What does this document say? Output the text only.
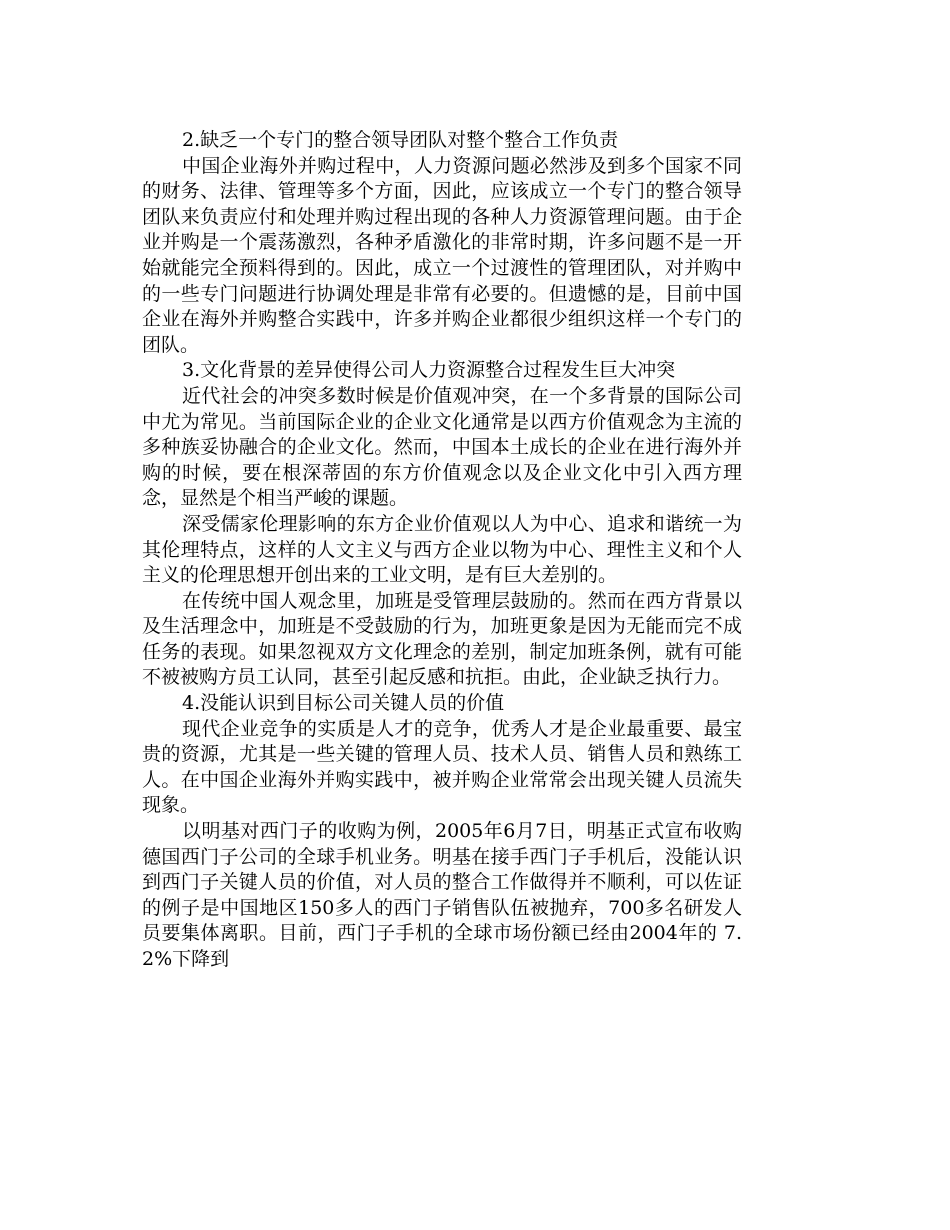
2.缺乏一个专门的整合领导团队对整个整合工作负责

中国企业海外并购过程中，人力资源问题必然涉及到多个国家不同的财务、法律、管理等多个方面，因此，应该成立一个专门的整合领导团队来负责应付和处理并购过程出现的各种人力资源管理问题。由于企业并购是一个震荡激烈，各种矛盾激化的非常时期，许多问题不是一开始就能完全预料得到的。因此，成立一个过渡性的管理团队，对并购中的一些专门问题进行协调处理是非常有必要的。但遗憾的是，目前中国企业在海外并购整合实践中，许多并购企业都很少组织这样一个专门的团队。

3.文化背景的差异使得公司人力资源整合过程发生巨大冲突

近代社会的冲突多数时候是价值观冲突，在一个多背景的国际公司中尤为常见。当前国际企业的企业文化通常是以西方价值观念为主流的多种族妥协融合的企业文化。然而，中国本土成长的企业在进行海外并购的时候，要在根深蒂固的东方价值观念以及企业文化中引入西方理念，显然是个相当严峻的课题。

深受儒家伦理影响的东方企业价值观以人为中心、追求和谐统一为其伦理特点，这样的人文主义与西方企业以物为中心、理性主义和个人主义的伦理思想开创出来的工业文明，是有巨大差别的。

在传统中国人观念里，加班是受管理层鼓励的。然而在西方背景以及生活理念中，加班是不受鼓励的行为，加班更象是因为无能而完不成任务的表现。如果忽视双方文化理念的差别，制定加班条例，就有可能不被被购方员工认同，甚至引起反感和抗拒。由此，企业缺乏执行力。

4.没能认识到目标公司关键人员的价值

现代企业竞争的实质是人才的竞争，优秀人才是企业最重要、最宝贵的资源，尤其是一些关键的管理人员、技术人员、销售人员和熟练工人。在中国企业海外并购实践中，被并购企业常常会出现关键人员流失现象。

以明基对西门子的收购为例，2005年6月7日，明基正式宣布收购德国西门子公司的全球手机业务。明基在接手西门子手机后，没能认识到西门子关键人员的价值，对人员的整合工作做得并不顺利，可以佐证的例子是中国地区150多人的西门子销售队伍被抛弃，700多名研发人员要集体离职。目前，西门子手机的全球市场份额已经由2004年的 7.2%下降到
